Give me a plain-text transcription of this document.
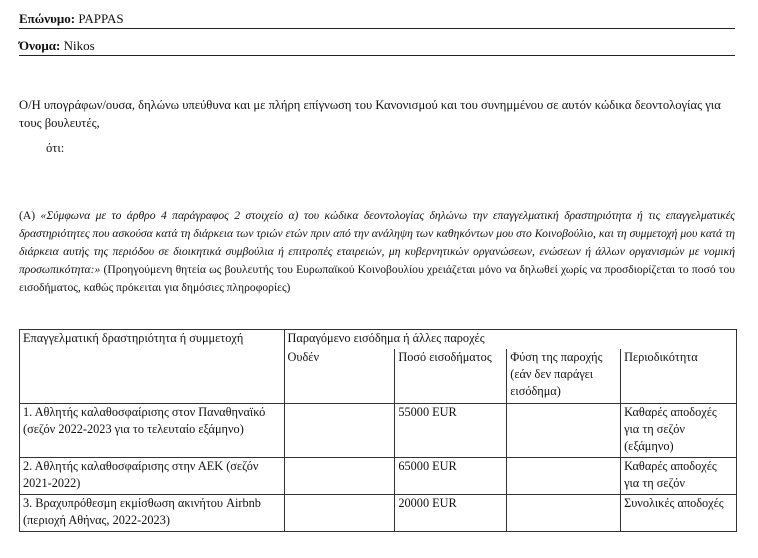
Επώνυμο: PAPPAS
Όνομα: Nikos
Ο/Η υπογράφων/ουσα, δηλώνω υπεύθυνα και με πλήρη επίγνωση του Κανονισμού και του συνημμένου σε αυτόν κώδικα δεοντολογίας για τους βουλευτές,
ότι:
(A) «Σύμφωνα με το άρθρο 4 παράγραφος 2 στοιχείο α) του κώδικα δεοντολογίας δηλώνω την επαγγελματική δραστηριότητα ή τις επαγγελματικές δραστηριότητες που ασκούσα κατά τη διάρκεια των τριών ετών πριν από την ανάληψη των καθηκόντων μου στο Κοινοβούλιο, και τη συμμετοχή μου κατά τη διάρκεια αυτής της περιόδου σε διοικητικά συμβούλια ή επιτροπές εταιρειών, μη κυβερνητικών οργανώσεων, ενώσεων ή άλλων οργανισμών με νομική προσωπικότητα:» (Προηγούμενη θητεία ως βουλευτής του Ευρωπαϊκού Κοινοβουλίου χρειάζεται μόνο να δηλωθεί χωρίς να προσδιορίζεται το ποσό του εισοδήματος, καθώς πρόκειται για δημόσιες πληροφορίες)
Επαγγελματική δραστηριότητα ή συμμετοχή	Παραγόμενο εισόδημα ή άλλες παροχές			
	Ουδέν	Ποσό εισοδήματος	Φύση της παροχής (εάν δεν παράγει εισόδημα)	Περιοδικότητα
1. Αθλητής καλαθοσφαίρισης στον Παναθηναϊκό (σεζόν 2022-2023 για το τελευταίο εξάμηνο)		55000 EUR		Καθαρές αποδοχές για τη σεζόν (εξάμηνο)
2. Αθλητής καλαθοσφαίρισης στην ΑΕΚ (σεζόν 2021-2022)		65000 EUR		Καθαρές αποδοχές για τη σεζόν
3. Βραχυπρόθεσμη εκμίσθωση ακινήτου Airbnb (περιοχή Αθήνας, 2022-2023)		20000 EUR		Συνολικές αποδοχές
